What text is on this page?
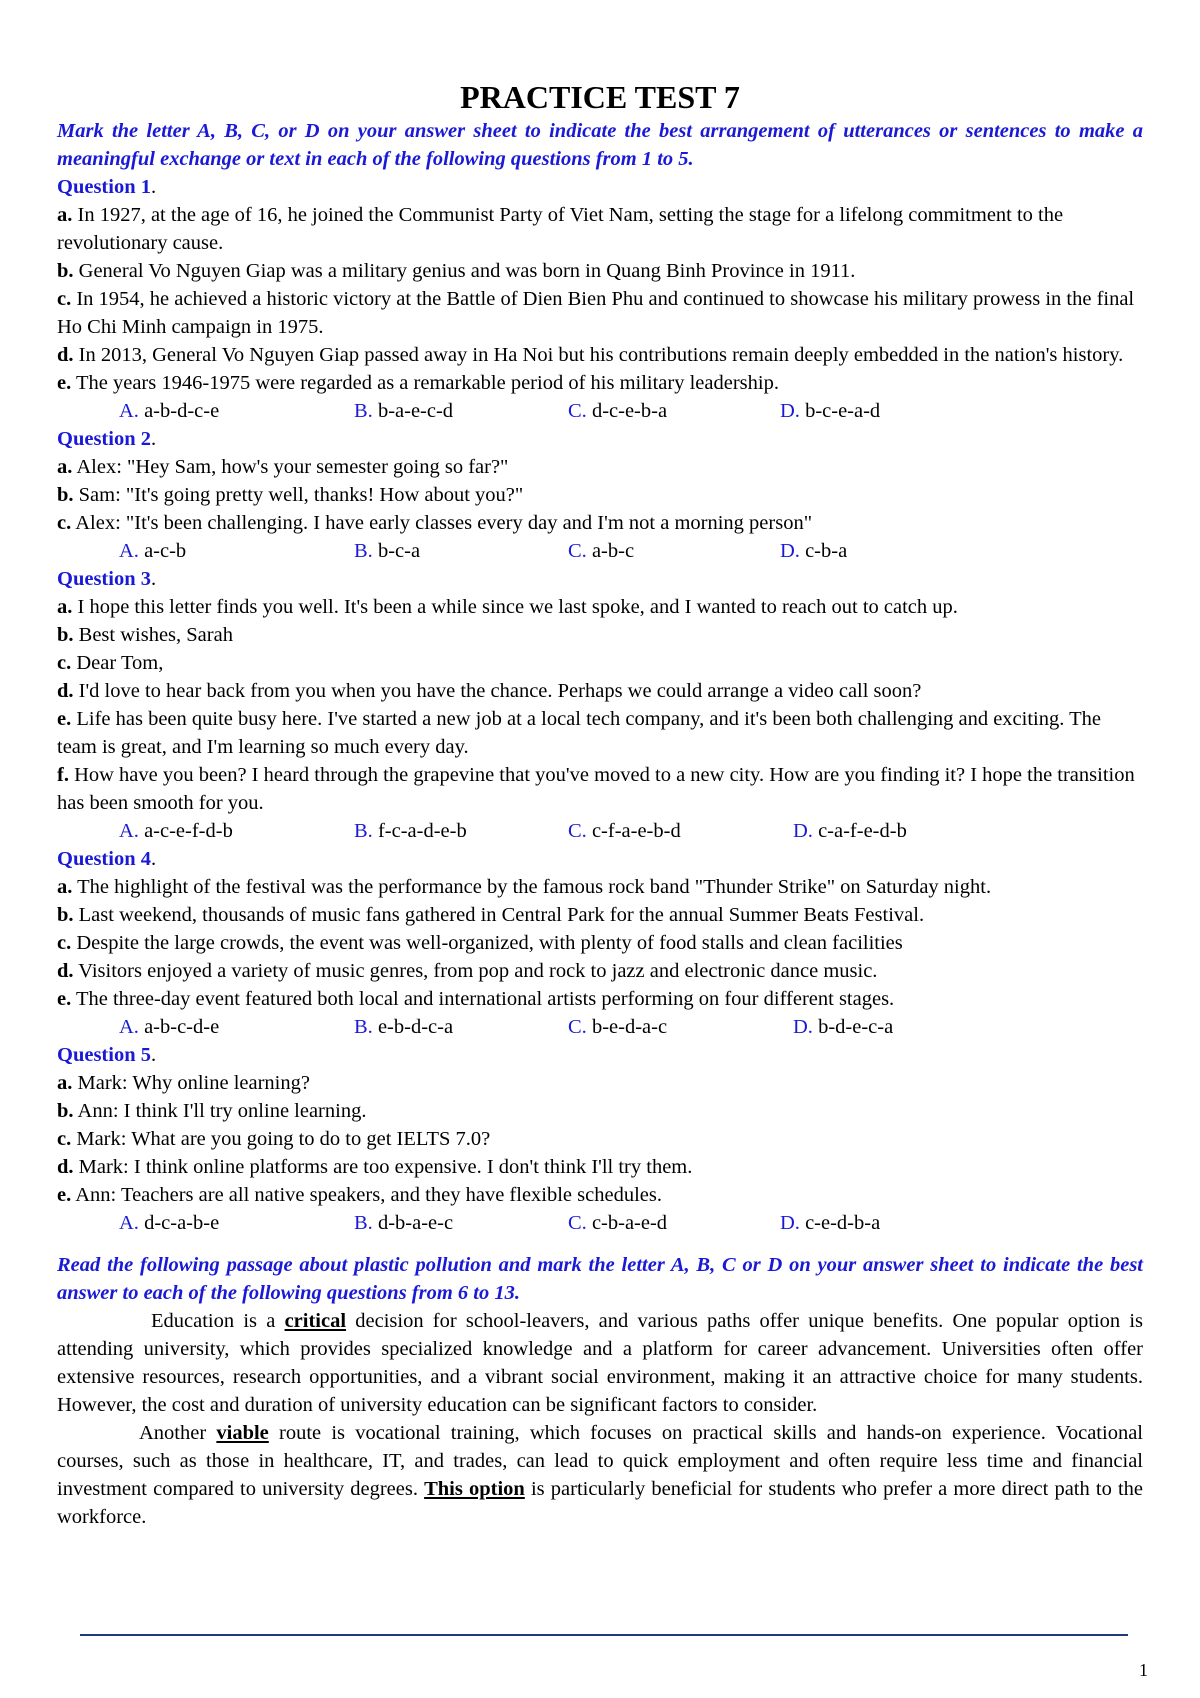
PRACTICE TEST 7
Mark the letter A, B, C, or D on your answer sheet to indicate the best arrangement of utterances or sentences to make a meaningful exchange or text in each of the following questions from 1 to 5.
Question 1.
a. In 1927, at the age of 16, he joined the Communist Party of Viet Nam, setting the stage for a lifelong commitment to the revolutionary cause.
b. General Vo Nguyen Giap was a military genius and was born in Quang Binh Province in 1911.
c. In 1954, he achieved a historic victory at the Battle of Dien Bien Phu and continued to showcase his military prowess in the final Ho Chi Minh campaign in 1975.
d. In 2013, General Vo Nguyen Giap passed away in Ha Noi but his contributions remain deeply embedded in the nation's history.
e. The years 1946-1975 were regarded as a remarkable period of his military leadership.
A. a-b-d-c-e	B. b-a-e-c-d	C. d-c-e-b-a	D. b-c-e-a-d
Question 2.
a. Alex: "Hey Sam, how's your semester going so far?"
b. Sam: "It's going pretty well, thanks! How about you?"
c. Alex: "It's been challenging. I have early classes every day and I'm not a morning person"
A. a-c-b	B. b-c-a	C. a-b-c	D. c-b-a
Question 3.
a. I hope this letter finds you well. It's been a while since we last spoke, and I wanted to reach out to catch up.
b. Best wishes, Sarah
c. Dear Tom,
d. I'd love to hear back from you when you have the chance. Perhaps we could arrange a video call soon?
e. Life has been quite busy here. I've started a new job at a local tech company, and it's been both challenging and exciting. The team is great, and I'm learning so much every day.
f. How have you been? I heard through the grapevine that you've moved to a new city. How are you finding it? I hope the transition has been smooth for you.
A. a-c-e-f-d-b	B. f-c-a-d-e-b	C. c-f-a-e-b-d	D. c-a-f-e-d-b
Question 4.
a. The highlight of the festival was the performance by the famous rock band "Thunder Strike" on Saturday night.
b. Last weekend, thousands of music fans gathered in Central Park for the annual Summer Beats Festival.
c. Despite the large crowds, the event was well-organized, with plenty of food stalls and clean facilities
d. Visitors enjoyed a variety of music genres, from pop and rock to jazz and electronic dance music.
e. The three-day event featured both local and international artists performing on four different stages.
A. a-b-c-d-e	B. e-b-d-c-a	C. b-e-d-a-c	D. b-d-e-c-a
Question 5.
a. Mark: Why online learning?
b. Ann: I think I'll try online learning.
c. Mark: What are you going to do to get IELTS 7.0?
d. Mark: I think online platforms are too expensive. I don't think I'll try them.
e. Ann: Teachers are all native speakers, and they have flexible schedules.
A. d-c-a-b-e	B. d-b-a-e-c	C. c-b-a-e-d	D. c-e-d-b-a
Read the following passage about plastic pollution and mark the letter A, B, C or D on your answer sheet to indicate the best answer to each of the following questions from 6 to 13.
Education is a critical decision for school-leavers, and various paths offer unique benefits. One popular option is attending university, which provides specialized knowledge and a platform for career advancement. Universities often offer extensive resources, research opportunities, and a vibrant social environment, making it an attractive choice for many students. However, the cost and duration of university education can be significant factors to consider.
Another viable route is vocational training, which focuses on practical skills and hands-on experience. Vocational courses, such as those in healthcare, IT, and trades, can lead to quick employment and often require less time and financial investment compared to university degrees. This option is particularly beneficial for students who prefer a more direct path to the workforce.
1
